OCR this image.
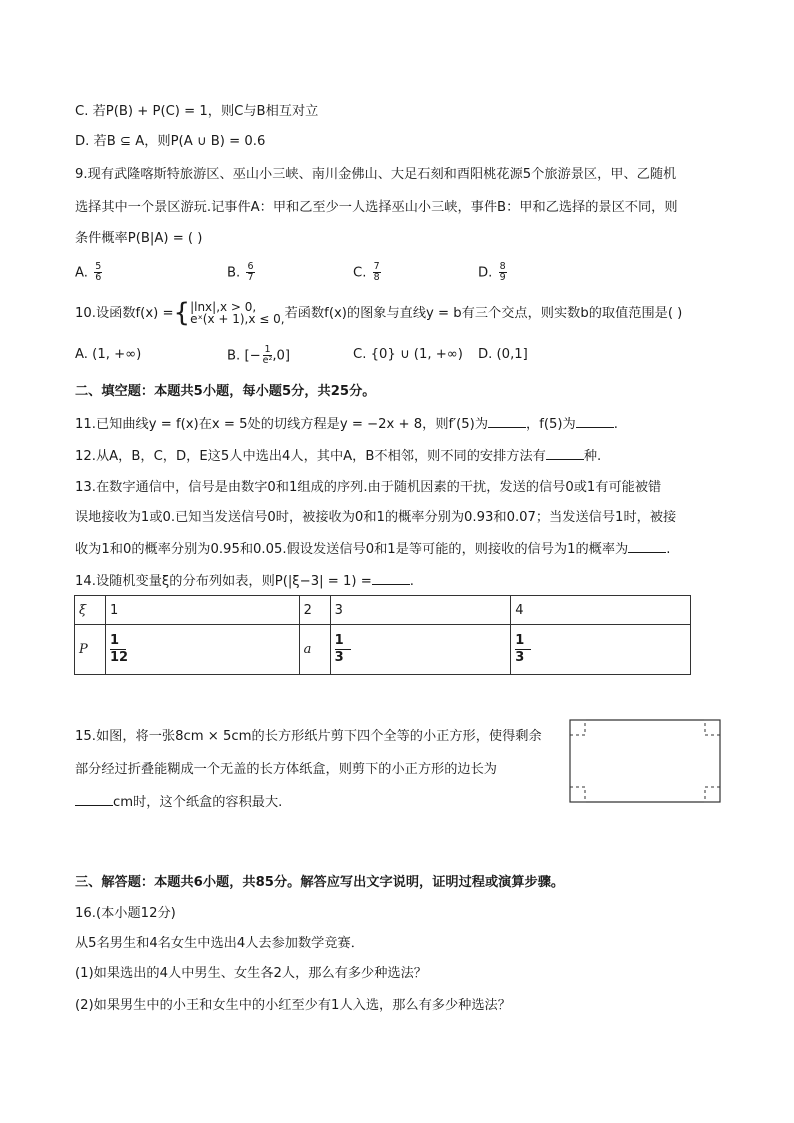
C. 若P(B) + P(C) = 1，则C与B相互对立
D. 若B ⊆ A，则P(A ∪ B) = 0.6
9.现有武隆喀斯特旅游区、巫山小三峡、南川金佛山、大足石刻和酉阳桃花源5个旅游景区，甲、乙随机
选择其中一个景区游玩.记事件A：甲和乙至少一人选择巫山小三峡，事件B：甲和乙选择的景区不同，则
条件概率P(B|A) = ( )
A. $\frac{5}{6}$	B. $\frac{6}{7}$	C. $\frac{7}{8}$	D. $\frac{8}{9}$
10.设函数f(x) ={ |lnx|,x > 0,
eˣ(x + 1),x ≤ 0, 若函数f(x)的图象与直线y = b有三个交点，则实数b的取值范围是( )
A. (1, +∞)	B. [− $\frac{1}{\text{e²}} ,0$]	C. {0} ∪ (1, +∞) D. (0,1]
二、填空题：本题共5小题，每小题5分，共25分。
11.已知曲线y = f(x)在x = 5处的切线方程是y = −2x + 8，则f′(5)为	，f(5)为	.
12.从A，B，C，D，E这5人中选出4人，其中A，B不相邻，则不同的安排方法有	种.
13.在数字通信中，信号是由数字0和1组成的序列.由于随机因素的干扰，发送的信号0或1有可能被错
误地接收为1或0.已知当发送信号0时，被接收为0和1的概率分别为0.93和0.07；当发送信号1时，被接
收为1和0的概率分别为0.95和0.05.假设发送信号0和1是等可能的，则接收的信号为1的概率为	.
14.设随机变量ξ的分布列如表，则P(|ξ−3| = 1) =	.
ξ	1	2	3	4
P	$\frac{1}{12}$	a	$\frac{1}{3}$	$\frac{1}{3}$
15.如图，将一张8cm × 5cm的长方形纸片剪下四个全等的小正方形，使得剩余
部分经过折叠能糊成一个无盖的长方体纸盒，则剪下的小正方形的边长为
cm时，这个纸盒的容积最大.
三、解答题：本题共6小题，共85分。解答应写出文字说明，证明过程或演算步骤。
16.(本小题12分)
从5名男生和4名女生中选出4人去参加数学竞赛．
(1)如果选出的4人中男生、女生各2人，那么有多少种选法？
(2)如果男生中的小王和女生中的小红至少有1人入选，那么有多少种选法？
